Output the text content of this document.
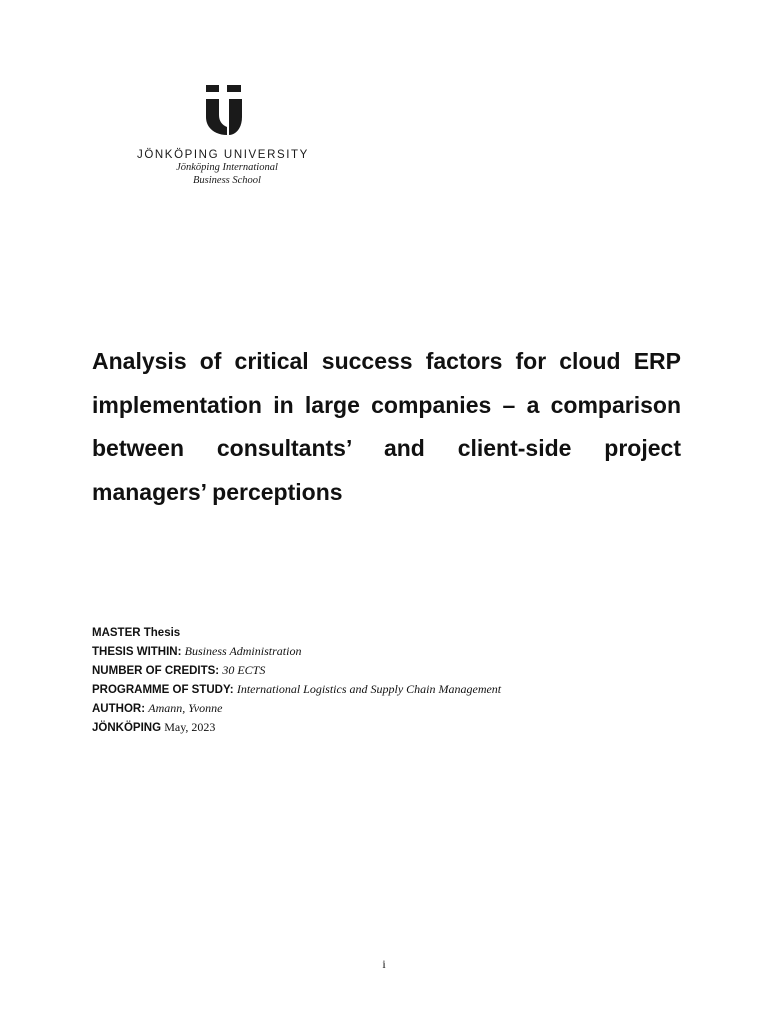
JÖNKÖPING UNIVERSITY
Jönköping International
Business School

Analysis of critical success factors for cloud ERP implementation in large companies – a comparison between consultants’ and client-side project managers’ perceptions

MASTER Thesis
THESIS WITHIN: Business Administration
NUMBER OF CREDITS: 30 ECTS
PROGRAMME OF STUDY: International Logistics and Supply Chain Management
AUTHOR: Amann, Yvonne
JÖNKÖPING May, 2023
i
